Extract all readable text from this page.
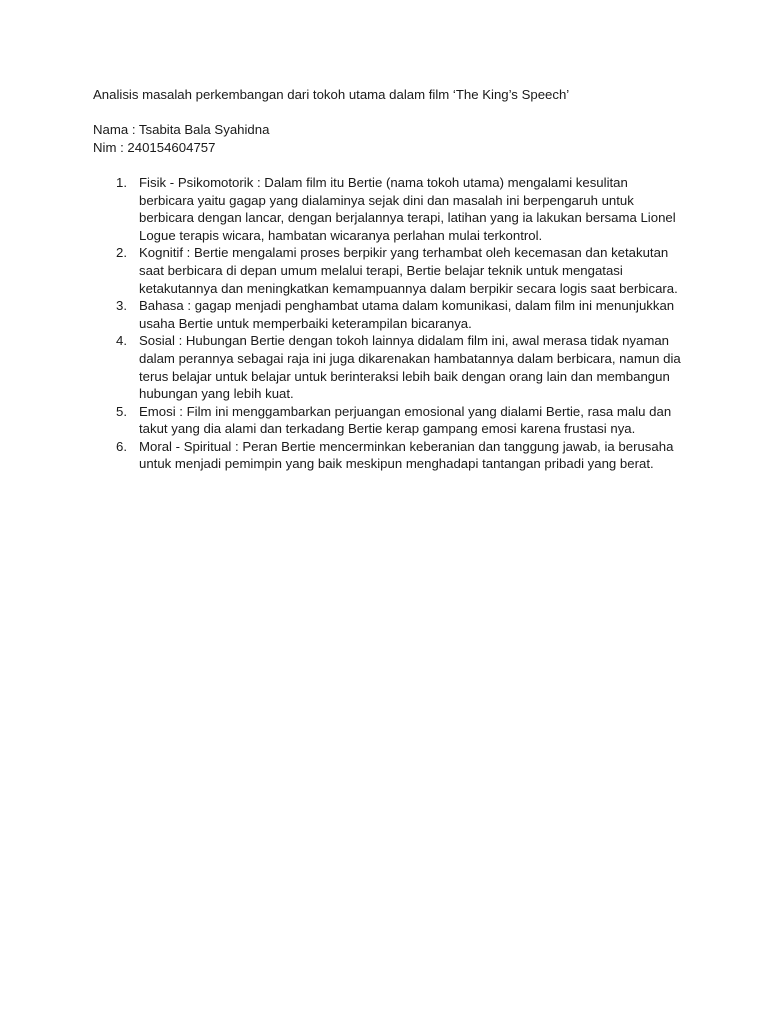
Analisis masalah perkembangan dari tokoh utama dalam film ‘The King’s Speech’
Nama : Tsabita Bala Syahidna
Nim : 240154604757
1. Fisik - Psikomotorik : Dalam film itu Bertie (nama tokoh utama) mengalami kesulitan berbicara yaitu gagap yang dialaminya sejak dini dan masalah ini berpengaruh untuk berbicara dengan lancar, dengan berjalannya terapi, latihan yang ia lakukan bersama Lionel Logue terapis wicara, hambatan wicaranya perlahan mulai terkontrol.
2. Kognitif : Bertie mengalami proses berpikir yang terhambat oleh kecemasan dan ketakutan saat berbicara di depan umum melalui terapi, Bertie belajar teknik untuk mengatasi ketakutannya dan meningkatkan kemampuannya dalam berpikir secara logis saat berbicara.
3. Bahasa : gagap menjadi penghambat utama dalam komunikasi, dalam film ini menunjukkan usaha Bertie untuk memperbaiki keterampilan bicaranya.
4. Sosial : Hubungan Bertie dengan tokoh lainnya didalam film ini, awal merasa tidak nyaman dalam perannya sebagai raja ini juga dikarenakan hambatannya dalam berbicara, namun dia terus belajar untuk belajar untuk berinteraksi lebih baik dengan orang lain dan membangun hubungan yang lebih kuat.
5. Emosi : Film ini menggambarkan perjuangan emosional yang dialami Bertie, rasa malu dan takut yang dia alami dan terkadang Bertie kerap gampang emosi karena frustasi nya.
6. Moral - Spiritual : Peran Bertie mencerminkan keberanian dan tanggung jawab, ia berusaha untuk menjadi pemimpin yang baik meskipun menghadapi tantangan pribadi yang berat.
